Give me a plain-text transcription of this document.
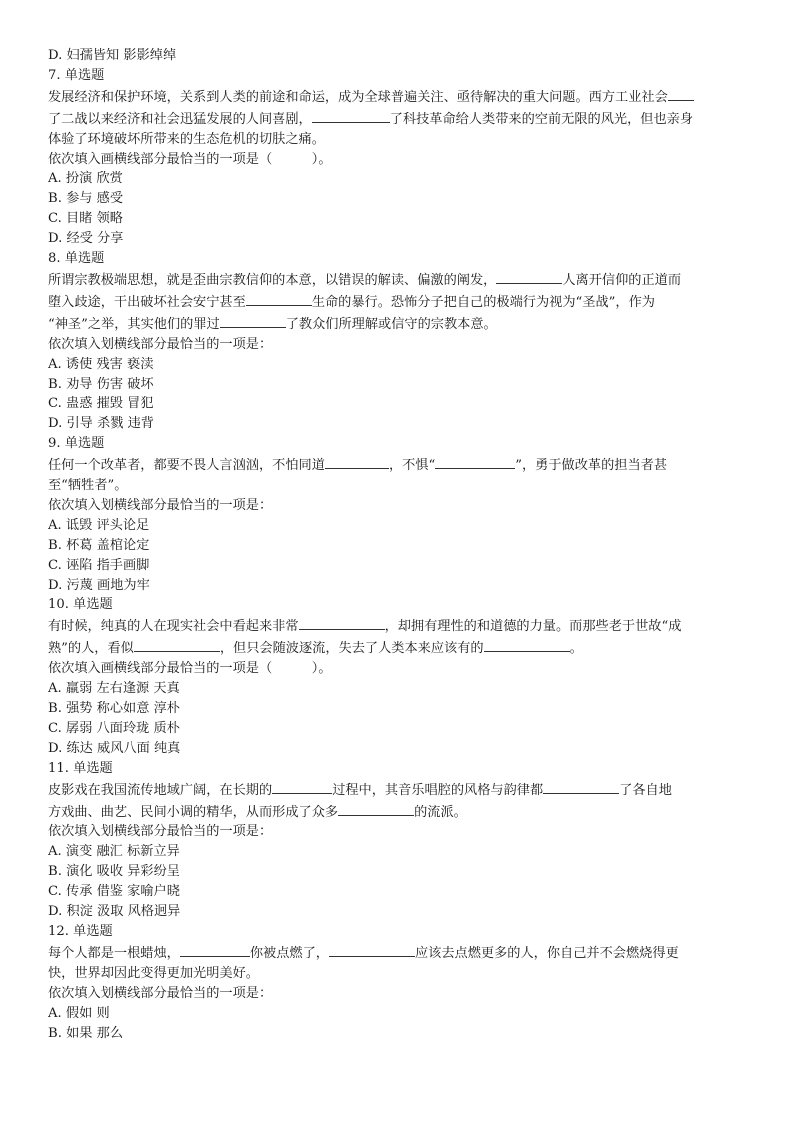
D. 妇孺皆知 影影绰绰
7. 单选题
发展经济和保护环境，关系到人类的前途和命运，成为全球普遍关注、亟待解决的重大问题。西方工业社会
了二战以来经济和社会迅猛发展的人间喜剧，	了科技革命给人类带来的空前无限的风光，但也亲身
体验了环境破坏所带来的生态危机的切肤之痛。
依次填入画横线部分最恰当的一项是（　　　）。
A. 扮演 欣赏
B. 参与 感受
C. 目睹 领略
D. 经受 分享
8. 单选题
所谓宗教极端思想，就是歪曲宗教信仰的本意，以错误的解读、偏激的阐发，	人离开信仰的正道而
堕入歧途，干出破坏社会安宁甚至	生命的暴行。恐怖分子把自己的极端行为视为“圣战”，作为
“神圣”之举，其实他们的罪过	了教众们所理解或信守的宗教本意。
依次填入划横线部分最恰当的一项是：
A. 诱使 残害 亵渎
B. 劝导 伤害 破坏
C. 蛊惑 摧毁 冒犯
D. 引导 杀戮 违背
9. 单选题
任何一个改革者，都要不畏人言汹汹，不怕同道	，不惧“	”，勇于做改革的担当者甚
至“牺牲者”。
依次填入划横线部分最恰当的一项是：
A. 诋毁 评头论足
B. 杯葛 盖棺论定
C. 诬陷 指手画脚
D. 污蔑 画地为牢
10. 单选题
有时候，纯真的人在现实社会中看起来非常	，却拥有理性的和道德的力量。而那些老于世故“成
熟”的人，看似	，但只会随波逐流，失去了人类本来应该有的	。
依次填入画横线部分最恰当的一项是（　　　）。
A. 羸弱 左右逢源 天真
B. 强势 称心如意 淳朴
C. 孱弱 八面玲珑 质朴
D. 练达 威风八面 纯真
11. 单选题
皮影戏在我国流传地域广阔，在长期的	过程中，其音乐唱腔的风格与韵律都	了各自地
方戏曲、曲艺、民间小调的精华，从而形成了众多	的流派。
依次填入划横线部分最恰当的一项是：
A. 演变 融汇 标新立异
B. 演化 吸收 异彩纷呈
C. 传承 借鉴 家喻户晓
D. 积淀 汲取 风格迥异
12. 单选题
每个人都是一根蜡烛，	你被点燃了，	应该去点燃更多的人，你自己并不会燃烧得更
快，世界却因此变得更加光明美好。
依次填入划横线部分最恰当的一项是：
A. 假如 则
B. 如果 那么
